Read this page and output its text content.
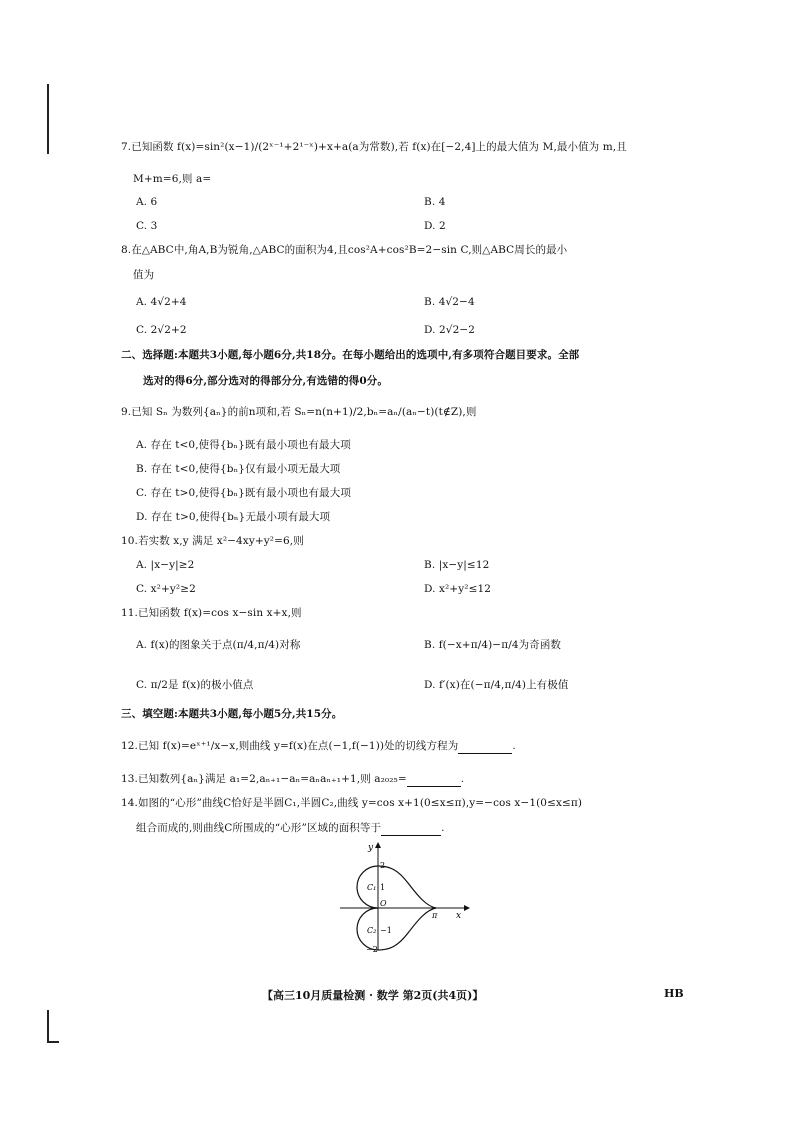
7.已知函数 f(x)=sin²(x−1)/(2ˣ⁻¹+2¹⁻ˣ)+x+a(a为常数),若 f(x)在[−2,4]上的最大值为 M,最小值为 m,且
M+m=6,则 a=
A. 6	B. 4
C. 3	D. 2
8.在△ABC中,角A,B为锐角,△ABC的面积为4,且cos²A+cos²B=2−sin C,则△ABC周长的最小
值为
A. 4√2+4	B. 4√2−4
C. 2√2+2	D. 2√2−2
二、选择题:本题共3小题,每小题6分,共18分。在每小题给出的选项中,有多项符合题目要求。全部
选对的得6分,部分选对的得部分分,有选错的得0分。
9.已知 Sₙ 为数列{aₙ}的前n项和,若 Sₙ=n(n+1)/2,bₙ=aₙ/(aₙ−t)(t∉Z),则
A. 存在 t<0,使得{bₙ}既有最小项也有最大项
B. 存在 t<0,使得{bₙ}仅有最小项无最大项
C. 存在 t>0,使得{bₙ}既有最小项也有最大项
D. 存在 t>0,使得{bₙ}无最小项有最大项
10.若实数 x,y 满足 x²−4xy+y²=6,则
A. |x−y|≥2	B. |x−y|≤12
C. x²+y²≥2	D. x²+y²≤12
11.已知函数 f(x)=cos x−sin x+x,则
A. f(x)的图象关于点(π/4,π/4)对称	B. f(−x+π/4)−π/4为奇函数
C. π/2是 f(x)的极小值点	D. f′(x)在(−π/4,π/4)上有极值
三、填空题:本题共3小题,每小题5分,共15分。
12.已知 f(x)=eˣ⁺¹/x−x,则曲线 y=f(x)在点(−1,f(−1))处的切线方程为	.
13.已知数列{aₙ}满足 a₁=2,aₙ₊₁−aₙ=aₙaₙ₊₁+1,则 a₂₀₂₅=	.
14.如图的“心形”曲线C恰好是半圆C₁,半圆C₂,曲线 y=cos x+1(0≤x≤π),y=−cos x−1(0≤x≤π)
组合而成的,则曲线C所围成的“心形”区域的面积等于	.
y
x
O
2
1
−1
−2
π
C₁
C₂
【高三10月质量检测 · 数学 第2页(共4页)】	HB
